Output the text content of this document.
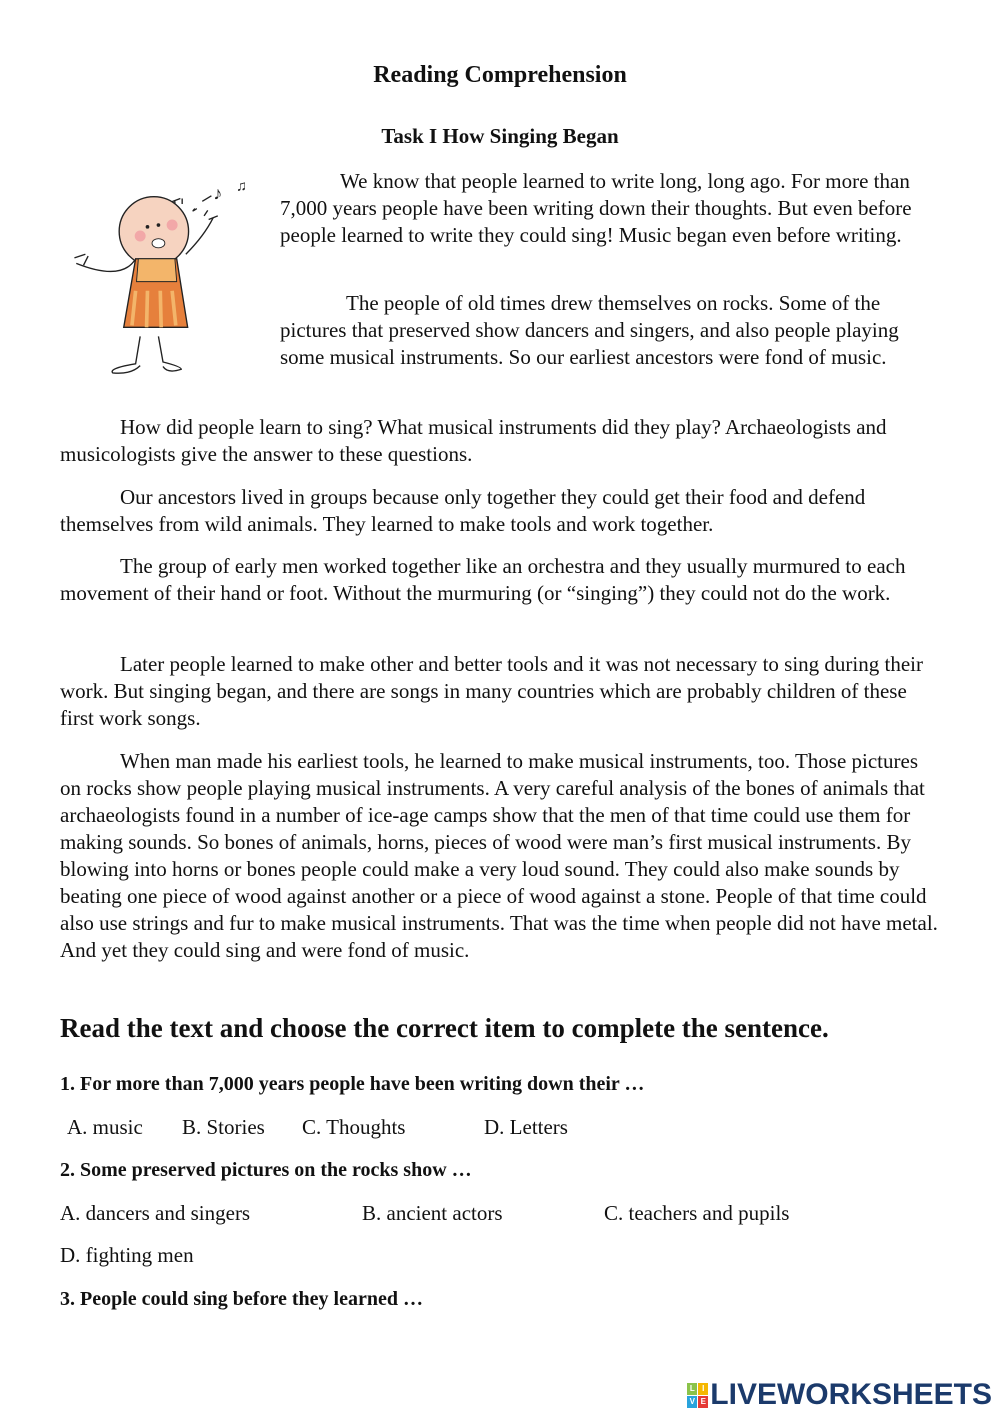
Reading Comprehension
Task I How Singing Began
♪ ♫	We know that people learned to write long, long ago. For more than 7,000 years people have been writing down their thoughts. But even before people learned to write they could sing! Music began even before writing.

The people of old times drew themselves on rocks. Some of the pictures that preserved show dancers and singers, and also people playing some musical instruments. So our earliest ancestors were fond of music.

How did people learn to sing? What musical instruments did they play? Archaeologists and musicologists give the answer to these questions.

Our ancestors lived in groups because only together they could get their food and defend themselves from wild animals. They learned to make tools and work together.

The group of early men worked together like an orchestra and they usually murmured to each movement of their hand or foot. Without the murmuring (or “singing”) they could not do the work.

Later people learned to make other and better tools and it was not necessary to sing during their work. But singing began, and there are songs in many countries which are probably children of these first work songs.

When man made his earliest tools, he learned to make musical instruments, too. Those pictures on rocks show people playing musical instruments. A very careful analysis of the bones of animals that archaeologists found in a number of ice-age camps show that the men of that time could use them for making sounds. So bones of animals, horns, pieces of wood were man’s first musical instruments. By blowing into horns or bones people could make a very loud sound. They could also make sounds by beating one piece of wood against another or a piece of wood against a stone. People of that time could also use strings and fur to make musical instruments. That was the time when people did not have metal. And yet they could sing and were fond of music.

Read the text and choose the correct item to complete the sentence.
1. For more than 7,000 years people have been writing down their …
A. music B. Stories C. Thoughts	D. Letters
2. Some preserved pictures on the rocks show …
A. dancers and singers	B. ancient actors	C. teachers and pupils
D. fighting men
3. People could sing before they learned …
L I
V E LIVEWORKSHEETS
